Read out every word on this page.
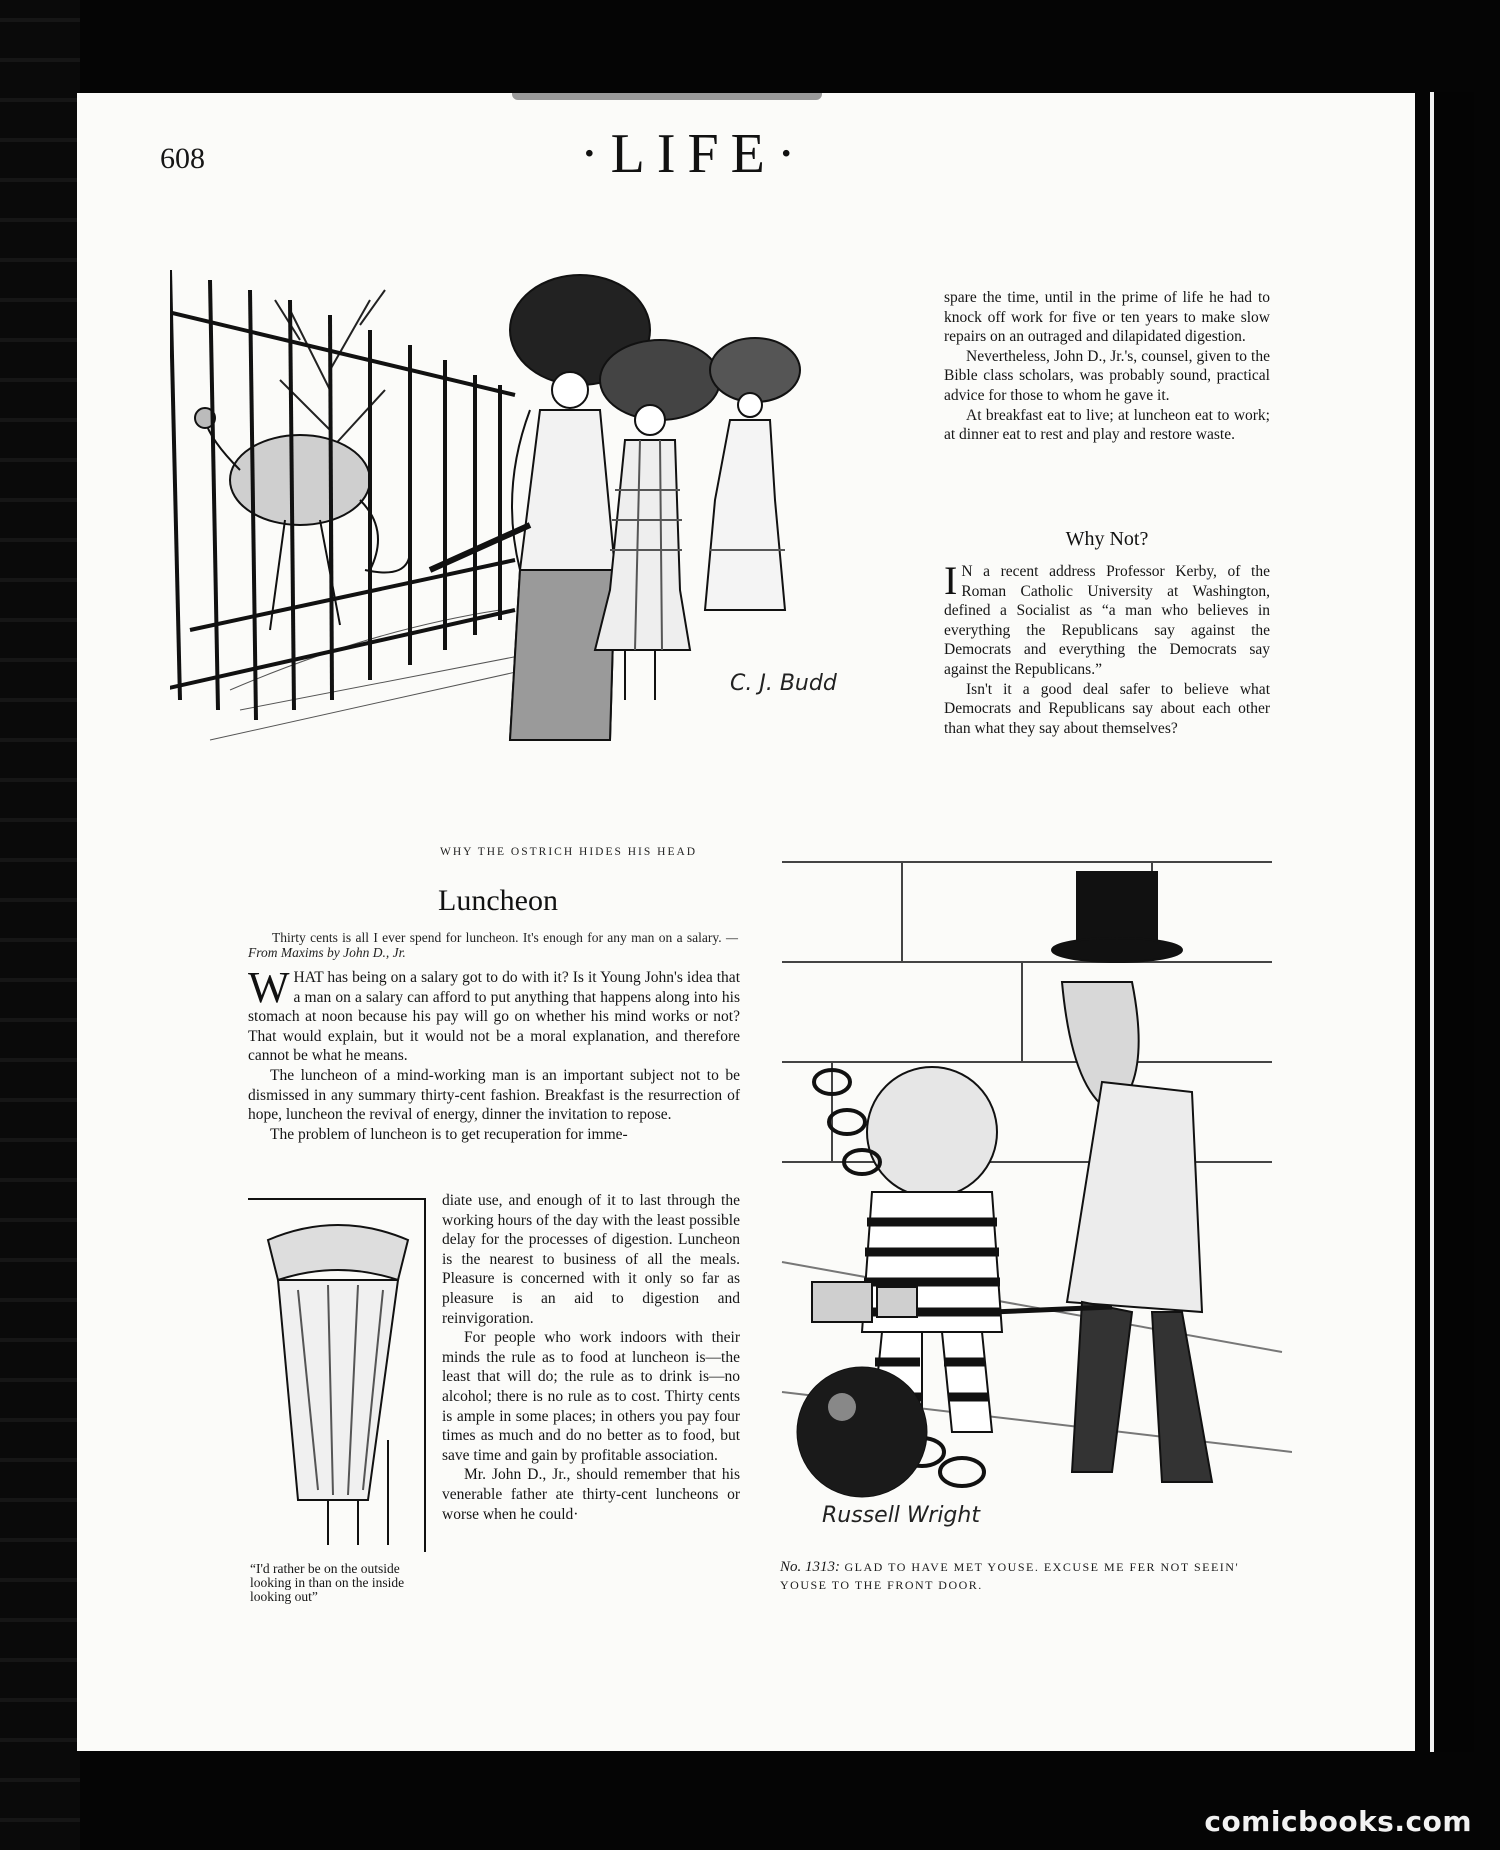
608	·LIFE·
C. J. Budd
WHY THE OSTRICH HIDES HIS HEAD

spare the time, until in the prime of life he had to knock off work for five or ten years to make slow repairs on an outraged and dilapidated digestion.

Nevertheless, John D., Jr.'s, counsel, given to the Bible class scholars, was probably sound, practical advice for those to whom he gave it.

At breakfast eat to live; at luncheon eat to work; at dinner eat to rest and play and restore waste.

Why Not?

I N a recent address Professor Kerby, of the Roman Catholic University at Washington, defined a Socialist as “a man who believes in everything the Republicans say against the Democrats and everything the Democrats say against the Republicans.”

Isn't it a good deal safer to believe what Democrats and Republicans say about each other than what they say about themselves?

Luncheon
Thirty cents is all I ever spend for luncheon. It's enough for any man on a salary. —From Maxims by John D., Jr.

WHAT has being on a salary got to do with it? Is it Young John's idea that a man on a salary can afford to put anything that happens along into his stomach at noon because his pay will go on whether his mind works or not? That would explain, but it would not be a moral explanation, and therefore cannot be what he means.

The luncheon of a mind-working man is an important subject not to be dismissed in any summary thirty-cent fashion. Breakfast is the resurrection of hope, luncheon the revival of energy, dinner the invitation to repose.

The problem of luncheon is to get recuperation for imme-

“I'd rather be on the outside looking in than on the inside looking out”

diate use, and enough of it to last through the working hours of the day with the least possible delay for the processes of digestion. Luncheon is the nearest to business of all the meals. Pleasure is concerned with it only so far as pleasure is an aid to digestion and reinvigoration.

For people who work indoors with their minds the rule as to food at luncheon is—the least that will do; the rule as to drink is—no alcohol; there is no rule as to cost. Thirty cents is ample in some places; in others you pay four times as much and do no better as to food, but save time and gain by profitable association.

Mr. John D., Jr., should remember that his venerable father ate thirty-cent luncheons or worse when he could·	Russell Wright
No. 1313: GLAD TO HAVE MET YOUSE. EXCUSE ME FER NOT SEEIN' YOUSE TO THE FRONT DOOR.
comicbooks.com
